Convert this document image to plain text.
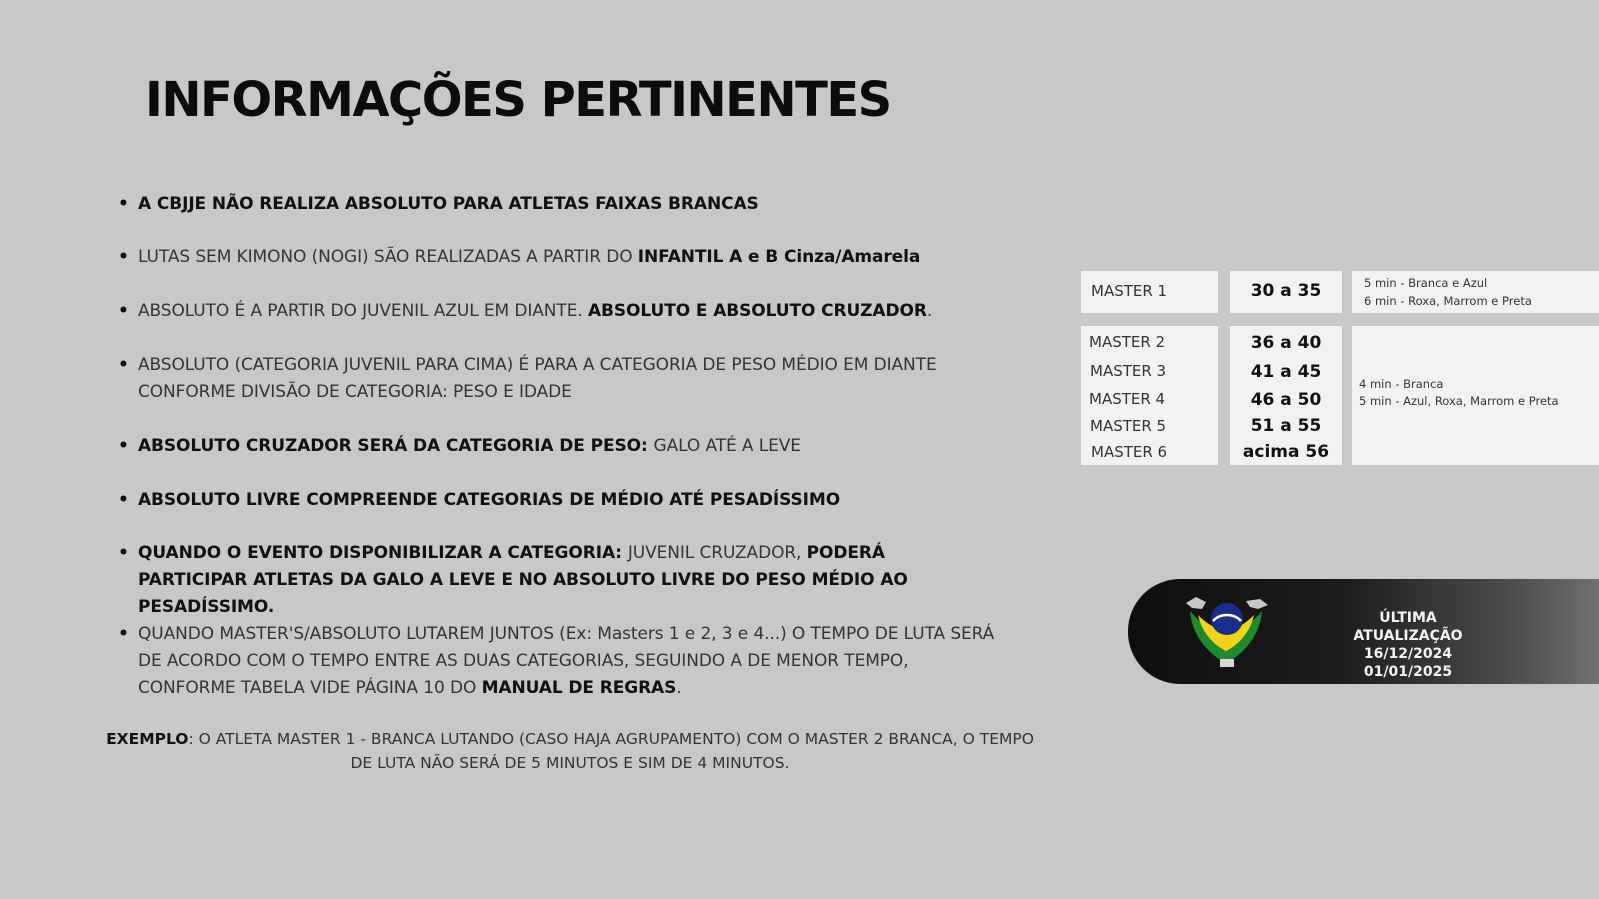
INFORMAÇÕES PERTINENTES
• A CBJJE NÃO REALIZA ABSOLUTO PARA ATLETAS FAIXAS BRANCAS
• LUTAS SEM KIMONO (NOGI) SÃO REALIZADAS A PARTIR DO INFANTIL A e B Cinza/Amarela
• ABSOLUTO É A PARTIR DO JUVENIL AZUL EM DIANTE. ABSOLUTO E ABSOLUTO CRUZADOR.
• ABSOLUTO (CATEGORIA JUVENIL PARA CIMA) É PARA A CATEGORIA DE PESO MÉDIO EM DIANTE CONFORME DIVISÃO DE CATEGORIA: PESO E IDADE
• ABSOLUTO CRUZADOR SERÁ DA CATEGORIA DE PESO: GALO ATÉ A LEVE
• ABSOLUTO LIVRE COMPREENDE CATEGORIAS DE MÉDIO ATÉ PESADÍSSIMO
• QUANDO O EVENTO DISPONIBILIZAR A CATEGORIA: JUVENIL CRUZADOR, PODERÁ PARTICIPAR ATLETAS DA GALO A LEVE E NO ABSOLUTO LIVRE DO PESO MÉDIO AO PESADÍSSIMO.
• QUANDO MASTER'S/ABSOLUTO LUTAREM JUNTOS (Ex: Masters 1 e 2, 3 e 4...) O TEMPO DE LUTA SERÁ DE ACORDO COM O TEMPO ENTRE AS DUAS CATEGORIAS, SEGUINDO A DE MENOR TEMPO, CONFORME TABELA VIDE PÁGINA 10 DO MANUAL DE REGRAS.

EXEMPLO: O ATLETA MASTER 1 - BRANCA LUTANDO (CASO HAJA AGRUPAMENTO) COM O MASTER 2 BRANCA, O TEMPO DE LUTA NÃO SERÁ DE 5 MINUTOS E SIM DE 4 MINUTOS.

MASTER 1	30 a 35	5 min - Branca e Azul
6 min - Roxa, Marrom e Preta
MASTER 2
MASTER 3
MASTER 4
MASTER 5
MASTER 6
36 a 40
41 a 45
46 a 50
51 a 55
acima 56
4 min - Branca
5 min - Azul, Roxa, Marrom e Preta
ÚLTIMA ATUALIZAÇÃO
16/12/2024
01/01/2025
